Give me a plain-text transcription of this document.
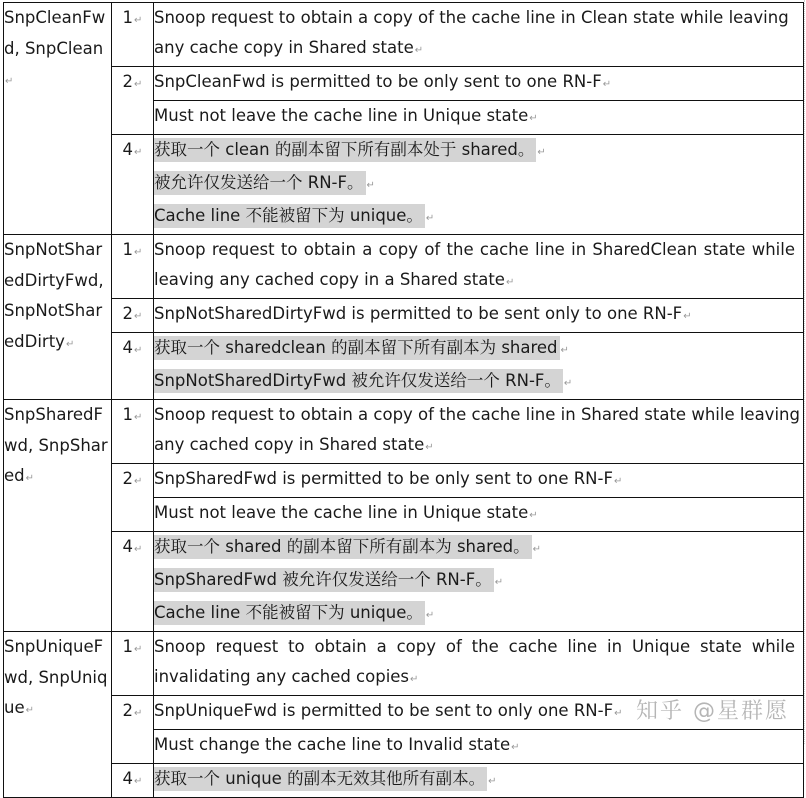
SnpCleanFwd, SnpClean↵	1↵	Snoop request to obtain a copy of the cache line in Clean state while leaving any cache copy in Shared state↵
	2↵	SnpCleanFwd is permitted to be only sent to one RN-F↵
		Must not leave the cache line in Unique state↵
	4↵	获取一个 clean 的副本留下所有副本处于 shared。 ↵
被允许仅发送给一个 RN-F。 ↵
Cache line 不能被留下为 unique。 ↵

SnpNotSharedDirtyFwd, SnpNotSharedDirty↵	1↵	Snoop request to obtain a copy of the cache line in SharedClean state while leaving any cached copy in a Shared state↵
	2↵	SnpNotSharedDirtyFwd is permitted to be sent only to one RN-F↵
	4↵	获取一个 sharedclean 的副本留下所有副本为 shared ↵
SnpNotSharedDirtyFwd 被允许仅发送给一个 RN-F。 ↵

SnpSharedFwd, SnpShared↵	1↵	Snoop request to obtain a copy of the cache line in Shared state while leaving any cached copy in Shared state↵
	2↵	SnpSharedFwd is permitted to be only sent to one RN-F↵
		Must not leave the cache line in Unique state↵
	4↵	获取一个 shared 的副本留下所有副本为 shared。 ↵
SnpSharedFwd 被允许仅发送给一个 RN-F。 ↵
Cache line 不能被留下为 unique。 ↵

SnpUniqueFwd, SnpUnique↵	1↵	Snoop request to obtain a copy of the cache line in Unique state while invalidating any cached copies↵
	2↵	SnpUniqueFwd is permitted to be sent to only one RN-F↵
		Must change the cache line to Invalid state↵
	4↵	获取一个 unique 的副本无效其他所有副本。 ↵
知乎 @星群愿
